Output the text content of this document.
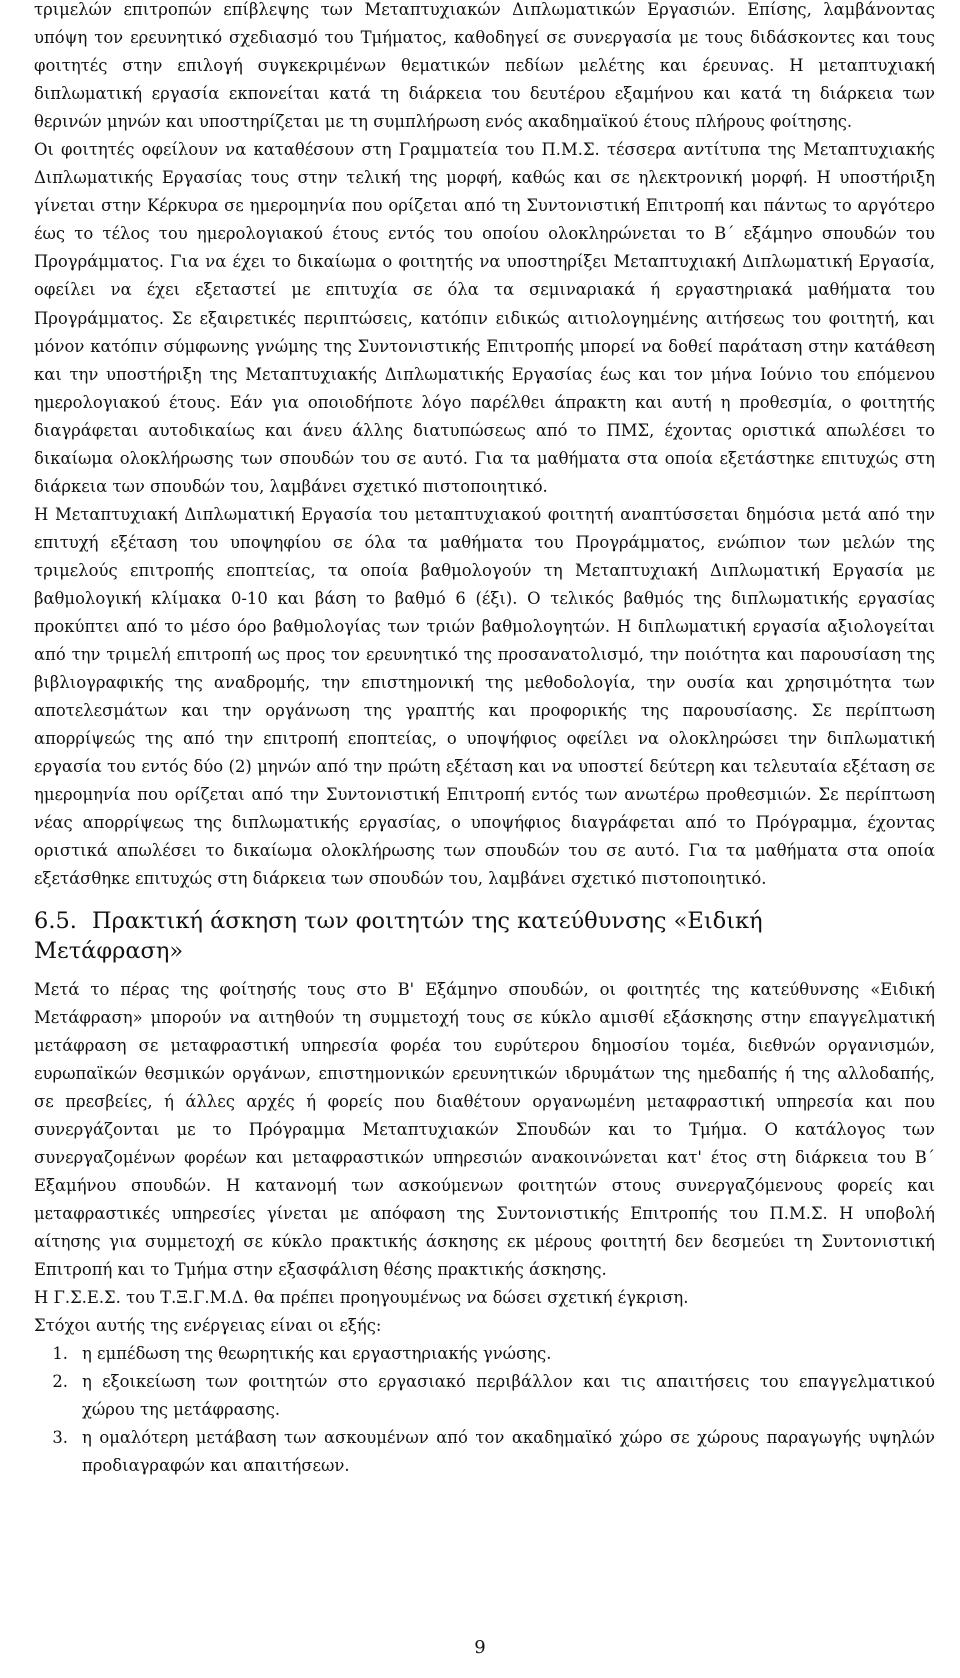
τριμελών επιτροπών επίβλεψης των Μεταπτυχιακών Διπλωματικών Εργασιών. Επίσης, λαμβάνοντας υπόψη τον ερευνητικό σχεδιασμό του Τμήματος, καθοδηγεί σε συνεργασία με τους διδάσκοντες και τους φοιτητές στην επιλογή συγκεκριμένων θεματικών πεδίων μελέτης και έρευνας. Η μεταπτυχιακή διπλωματική εργασία εκπονείται κατά τη διάρκεια του δευτέρου εξαμήνου και κατά τη διάρκεια των θερινών μηνών και υποστηρίζεται με τη συμπλήρωση ενός ακαδημαϊκού έτους πλήρους φοίτησης.

Οι φοιτητές οφείλουν να καταθέσουν στη Γραμματεία του Π.Μ.Σ. τέσσερα αντίτυπα της Μεταπτυχιακής Διπλωματικής Εργασίας τους στην τελική της μορφή, καθώς και σε ηλεκτρονική μορφή. Η υποστήριξη γίνεται στην Κέρκυρα σε ημερομηνία που ορίζεται από τη Συντονιστική Επιτροπή και πάντως το αργότερο έως το τέλος του ημερολογιακού έτους εντός του οποίου ολοκληρώνεται το Β΄ εξάμηνο σπουδών του Προγράμματος. Για να έχει το δικαίωμα ο φοιτητής να υποστηρίξει Μεταπτυχιακή Διπλωματική Εργασία, οφείλει να έχει εξεταστεί με επιτυχία σε όλα τα σεμιναριακά ή εργαστηριακά μαθήματα του Προγράμματος. Σε εξαιρετικές περιπτώσεις, κατόπιν ειδικώς αιτιολογημένης αιτήσεως του φοιτητή, και μόνον κατόπιν σύμφωνης γνώμης της Συντονιστικής Επιτροπής μπορεί να δοθεί παράταση στην κατάθεση και την υποστήριξη της Μεταπτυχιακής Διπλωματικής Εργασίας έως και τον μήνα Ιούνιο του επόμενου ημερολογιακού έτους. Εάν για οποιοδήποτε λόγο παρέλθει άπρακτη και αυτή η προθεσμία, ο φοιτητής διαγράφεται αυτοδικαίως και άνευ άλλης διατυπώσεως από το ΠΜΣ, έχοντας οριστικά απωλέσει το δικαίωμα ολοκλήρωσης των σπουδών του σε αυτό. Για τα μαθήματα στα οποία εξετάστηκε επιτυχώς στη διάρκεια των σπουδών του, λαμβάνει σχετικό πιστοποιητικό.

Η Μεταπτυχιακή Διπλωματική Εργασία του μεταπτυχιακού φοιτητή αναπτύσσεται δημόσια μετά από την επιτυχή εξέταση του υποψηφίου σε όλα τα μαθήματα του Προγράμματος, ενώπιον των μελών της τριμελούς επιτροπής εποπτείας, τα οποία βαθμολογούν τη Μεταπτυχιακή Διπλωματική Εργασία με βαθμολογική κλίμακα 0-10 και βάση το βαθμό 6 (έξι). Ο τελικός βαθμός της διπλωματικής εργασίας προκύπτει από το μέσο όρο βαθμολογίας των τριών βαθμολογητών. Η διπλωματική εργασία αξιολογείται από την τριμελή επιτροπή ως προς τον ερευνητικό της προσανατολισμό, την ποιότητα και παρουσίαση της βιβλιογραφικής της αναδρομής, την επιστημονική της μεθοδολογία, την ουσία και χρησιμότητα των αποτελεσμάτων και την οργάνωση της γραπτής και προφορικής της παρουσίασης. Σε περίπτωση απορρίψεώς της από την επιτροπή εποπτείας, ο υποψήφιος οφείλει να ολοκληρώσει την διπλωματική εργασία του εντός δύο (2) μηνών από την πρώτη εξέταση και να υποστεί δεύτερη και τελευταία εξέταση σε ημερομηνία που ορίζεται από την Συντονιστική Επιτροπή εντός των ανωτέρω προθεσμιών. Σε περίπτωση νέας απορρίψεως της διπλωματικής εργασίας, ο υποψήφιος διαγράφεται από το Πρόγραμμα, έχοντας οριστικά απωλέσει το δικαίωμα ολοκλήρωσης των σπουδών του σε αυτό. Για τα μαθήματα στα οποία εξετάσθηκε επιτυχώς στη διάρκεια των σπουδών του, λαμβάνει σχετικό πιστοποιητικό.

6.5. Πρακτική άσκηση των φοιτητών της κατεύθυνσης «Ειδική
Μετάφραση»

Μετά το πέρας της φοίτησής τους στο Β' Εξάμηνο σπουδών, οι φοιτητές της κατεύθυνσης «Ειδική Μετάφραση» μπορούν να αιτηθούν τη συμμετοχή τους σε κύκλο αμισθί εξάσκησης στην επαγγελματική μετάφραση σε μεταφραστική υπηρεσία φορέα του ευρύτερου δημοσίου τομέα, διεθνών οργανισμών, ευρωπαϊκών θεσμικών οργάνων, επιστημονικών ερευνητικών ιδρυμάτων της ημεδαπής ή της αλλοδαπής, σε πρεσβείες, ή άλλες αρχές ή φορείς που διαθέτουν οργανωμένη μεταφραστική υπηρεσία και που συνεργάζονται με το Πρόγραμμα Μεταπτυχιακών Σπουδών και το Τμήμα. Ο κατάλογος των συνεργαζομένων φορέων και μεταφραστικών υπηρεσιών ανακοινώνεται κατ' έτος στη διάρκεια του Β΄ Εξαμήνου σπουδών. Η κατανομή των ασκούμενων φοιτητών στους συνεργαζόμενους φορείς και μεταφραστικές υπηρεσίες γίνεται με απόφαση της Συντονιστικής Επιτροπής του Π.Μ.Σ. Η υποβολή αίτησης για συμμετοχή σε κύκλο πρακτικής άσκησης εκ μέρους φοιτητή δεν δεσμεύει τη Συντονιστική Επιτροπή και το Τμήμα στην εξασφάλιση θέσης πρακτικής άσκησης.

Η Γ.Σ.Ε.Σ. του Τ.Ξ.Γ.Μ.Δ. θα πρέπει προηγουμένως να δώσει σχετική έγκριση.

Στόχοι αυτής της ενέργειας είναι οι εξής:

1. η εμπέδωση της θεωρητικής και εργαστηριακής γνώσης.
2. η εξοικείωση των φοιτητών στο εργασιακό περιβάλλον και τις απαιτήσεις του επαγγελματικού χώρου της μετάφρασης.
3. η ομαλότερη μετάβαση των ασκουμένων από τον ακαδημαϊκό χώρο σε χώρους παραγωγής υψηλών προδιαγραφών και απαιτήσεων.
9
